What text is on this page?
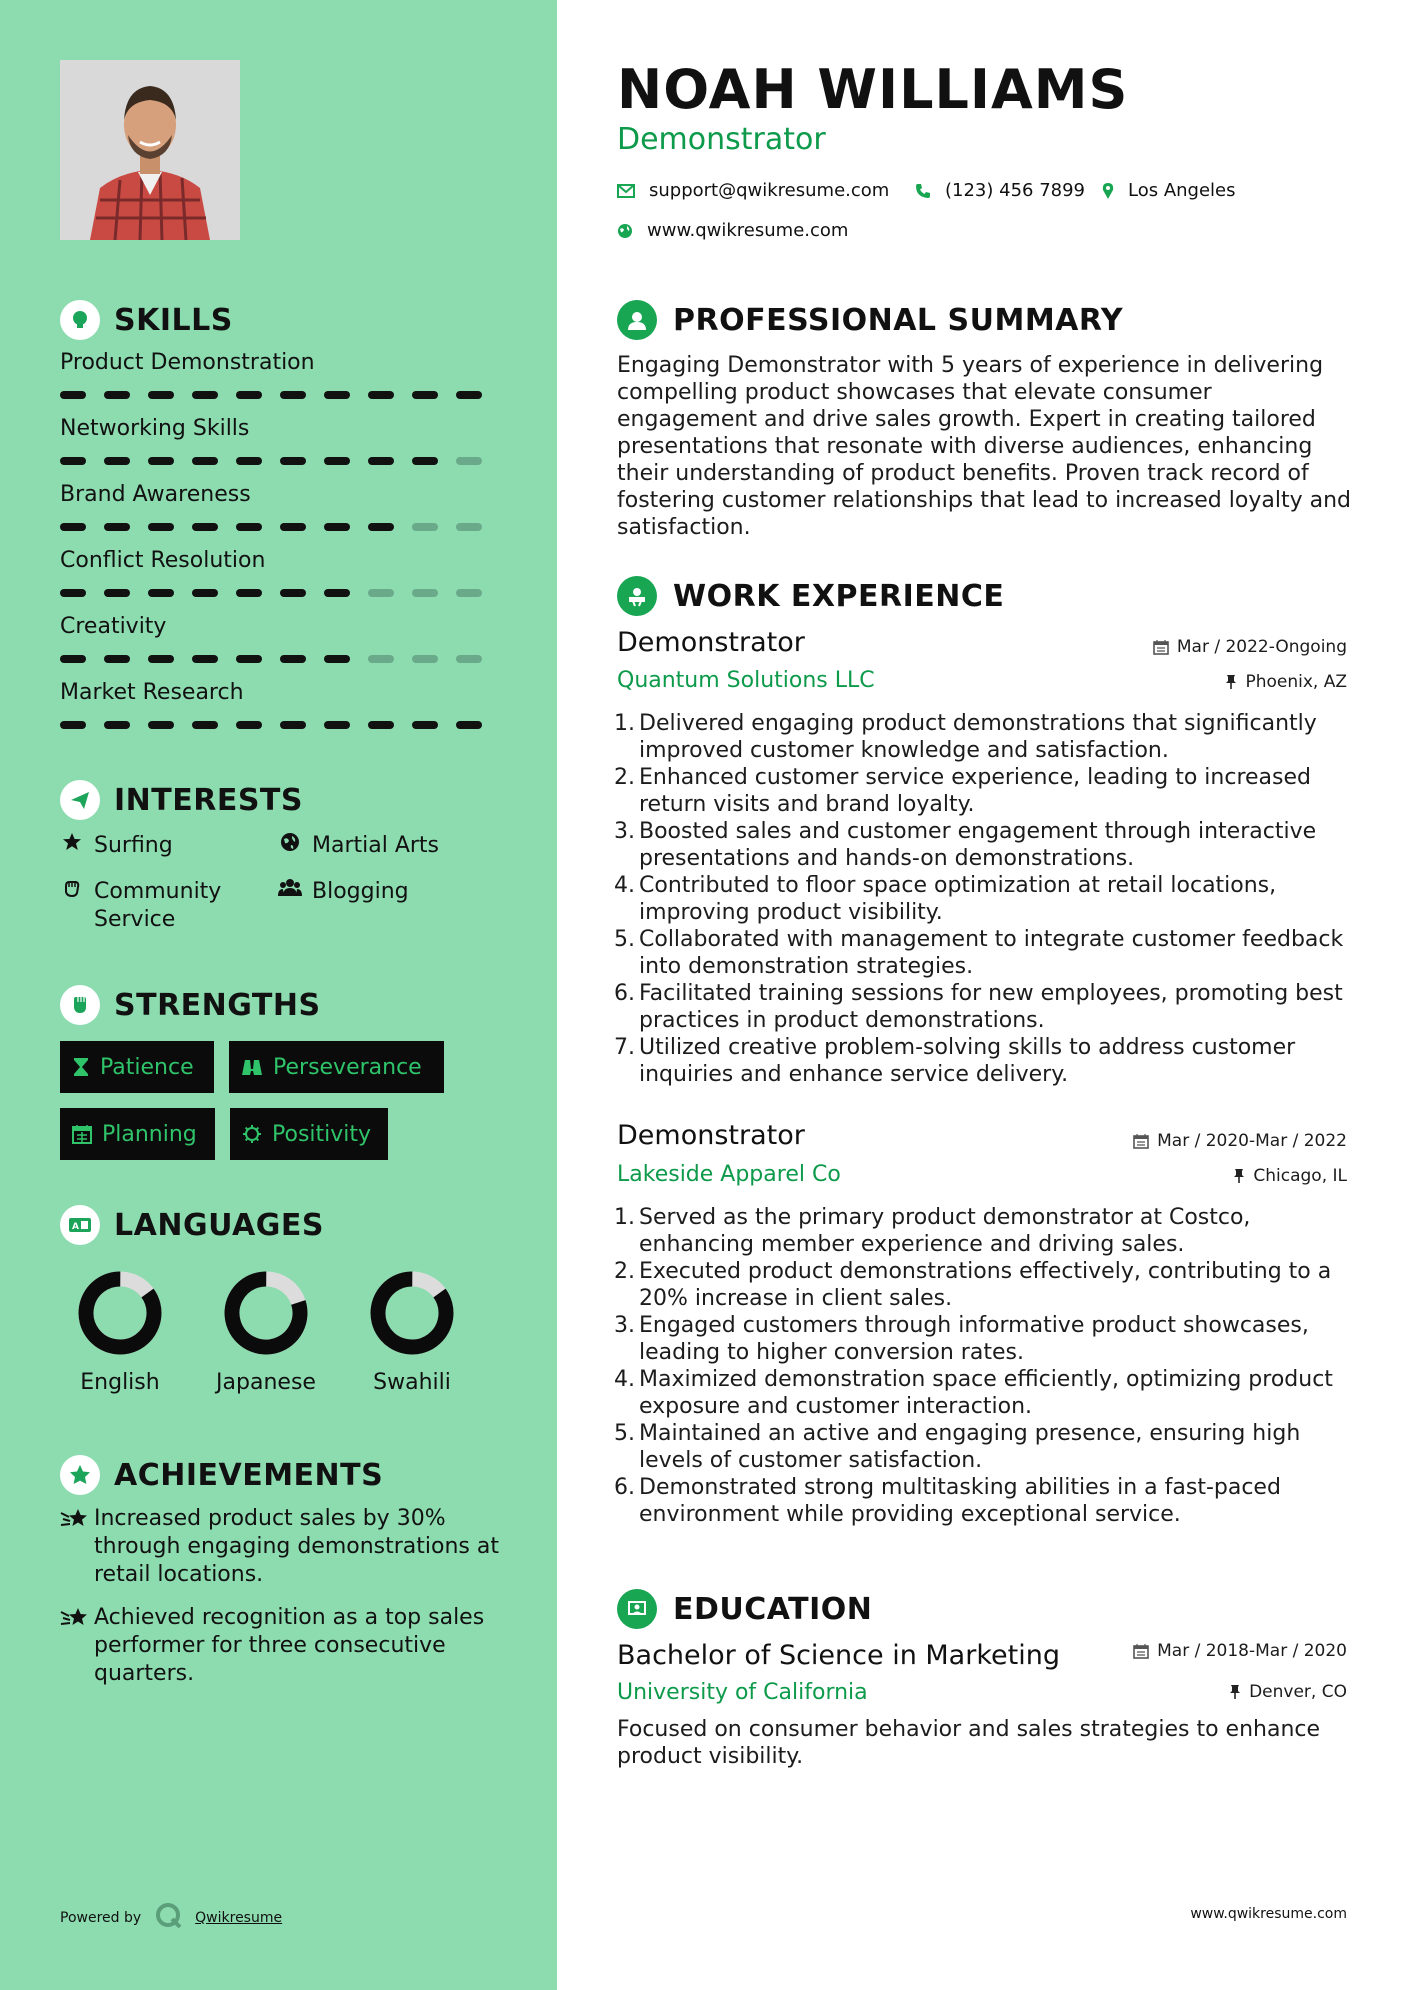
SKILLS
Product Demonstration
Networking Skills
Brand Awareness
Conflict Resolution
Creativity
Market Research
INTERESTS
Surfing	Martial Arts
Community Service
Blogging
STRENGTHS
Patience	Perseverance
Planning	Positivity
A LANGUAGES
English	Japanese	Swahili
ACHIEVEMENTS
Increased product sales by 30% through engaging demonstrations at retail locations.
Achieved recognition as a top sales performer for three consecutive quarters.
Powered by	Qwikresume
NOAH WILLIAMS
Demonstrator
support@qwikresume.com	(123) 456 7899 Los Angeles
www.qwikresume.com
PROFESSIONAL SUMMARY
Engaging Demonstrator with 5 years of experience in delivering compelling product showcases that elevate consumer engagement and drive sales growth. Expert in creating tailored presentations that resonate with diverse audiences, enhancing their understanding of product benefits. Proven track record of fostering customer relationships that lead to increased loyalty and satisfaction.
WORK EXPERIENCE
Demonstrator	Mar / 2022-Ongoing
Quantum Solutions LLC	Phoenix, AZ
1. Delivered engaging product demonstrations that significantly improved customer knowledge and satisfaction.
2. Enhanced customer service experience, leading to increased return visits and brand loyalty.
3. Boosted sales and customer engagement through interactive presentations and hands-on demonstrations.
4. Contributed to floor space optimization at retail locations, improving product visibility.
5. Collaborated with management to integrate customer feedback into demonstration strategies.
6. Facilitated training sessions for new employees, promoting best practices in product demonstrations.
7. Utilized creative problem-solving skills to address customer inquiries and enhance service delivery.
Demonstrator	Mar / 2020-Mar / 2022
Lakeside Apparel Co	Chicago, IL
1. Served as the primary product demonstrator at Costco, enhancing member experience and driving sales.
2. Executed product demonstrations effectively, contributing to a 20% increase in client sales.
3. Engaged customers through informative product showcases, leading to higher conversion rates.
4. Maximized demonstration space efficiently, optimizing product exposure and customer interaction.
5. Maintained an active and engaging presence, ensuring high levels of customer satisfaction.
6. Demonstrated strong multitasking abilities in a fast-paced environment while providing exceptional service.
EDUCATION
Bachelor of Science in Marketing	Mar / 2018-Mar / 2020
University of California	Denver, CO
Focused on consumer behavior and sales strategies to enhance product visibility.
www.qwikresume.com
